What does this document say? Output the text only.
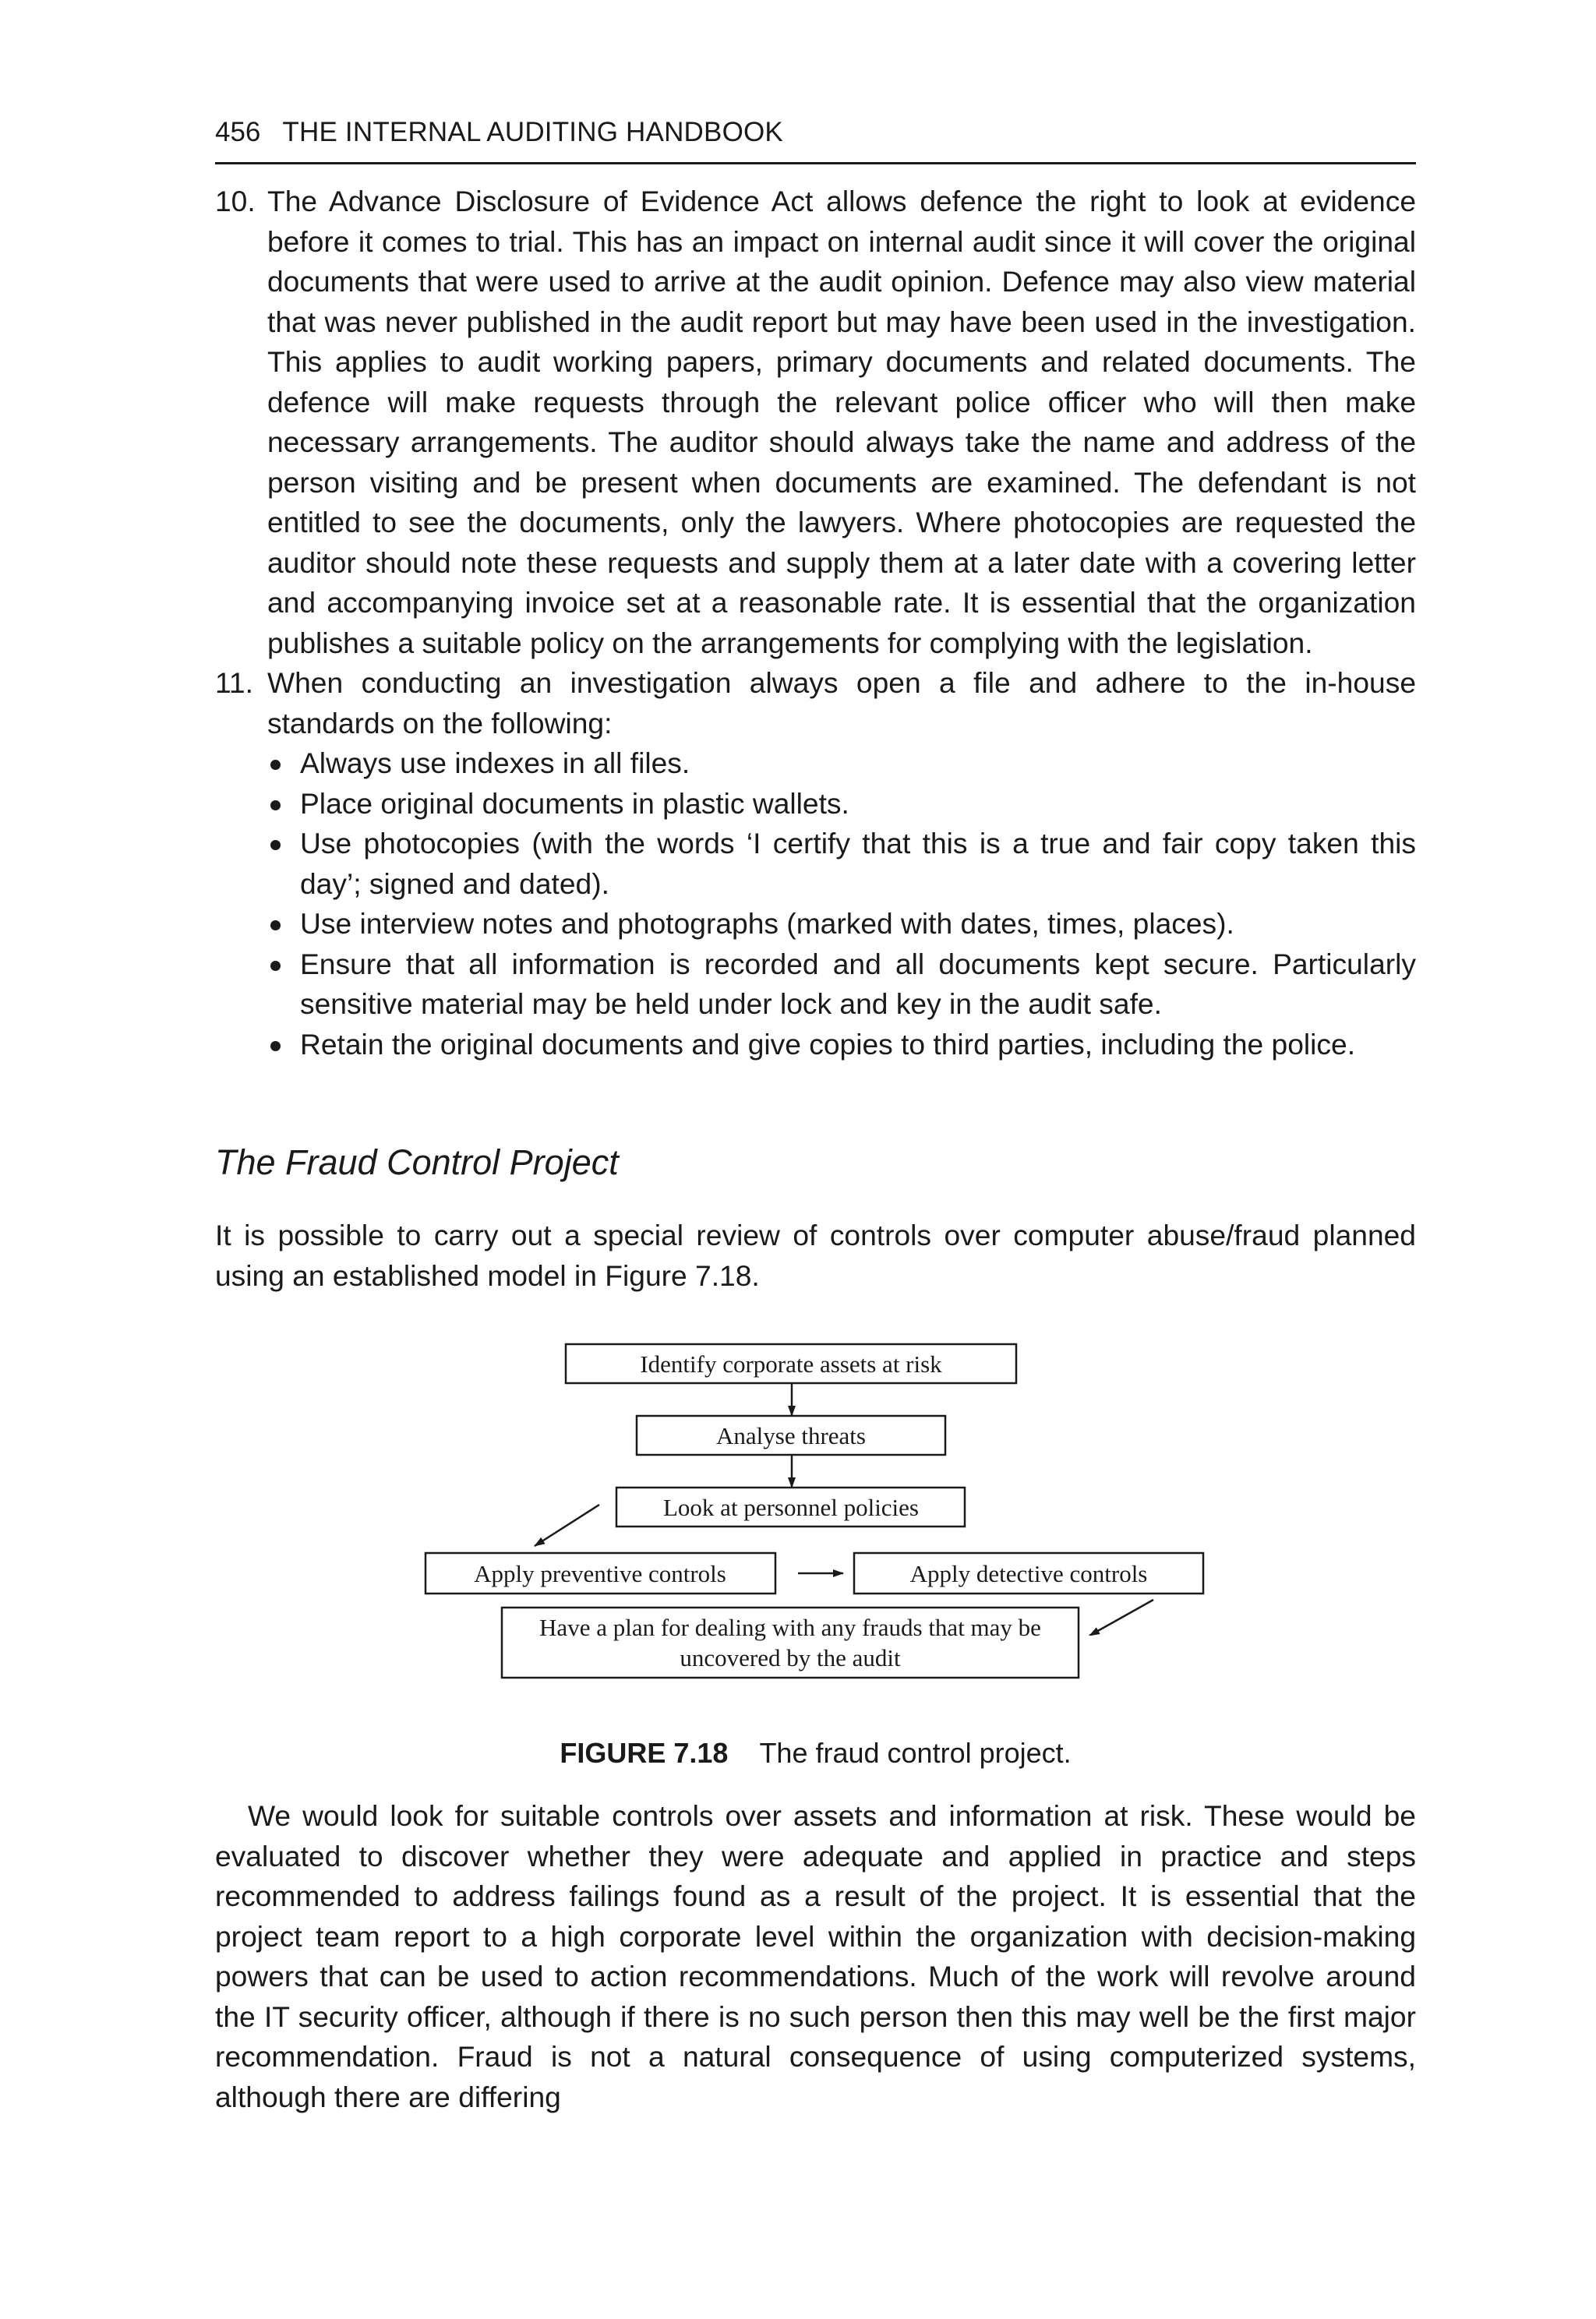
456 THE INTERNAL AUDITING HANDBOOK
10. The Advance Disclosure of Evidence Act allows defence the right to look at evidence before it comes to trial. This has an impact on internal audit since it will cover the original documents that were used to arrive at the audit opinion. Defence may also view material that was never published in the audit report but may have been used in the investigation. This applies to audit working papers, primary documents and related documents. The defence will make requests through the relevant police officer who will then make necessary arrangements. The auditor should always take the name and address of the person visiting and be present when documents are examined. The defendant is not entitled to see the documents, only the lawyers. Where photocopies are requested the auditor should note these requests and supply them at a later date with a covering letter and accompanying invoice set at a reasonable rate. It is essential that the organization publishes a suitable policy on the arrangements for complying with the legislation.

11. When conducting an investigation always open a file and adhere to the in-house standards on the following:

Always use indexes in all files.
Place original documents in plastic wallets.
Use photocopies (with the words ‘I certify that this is a true and fair copy taken this day’; signed and dated).
Use interview notes and photographs (marked with dates, times, places).
Ensure that all information is recorded and all documents kept secure. Particularly sensitive material may be held under lock and key in the audit safe.
Retain the original documents and give copies to third parties, including the police.
The Fraud Control Project

It is possible to carry out a special review of controls over computer abuse/fraud planned using an established model in Figure 7.18.

Identify corporate assets at risk
Analyse threats
Look at personnel policies
Apply preventive controls	Apply detective controls
Have a plan for dealing with any frauds that may be
uncovered by the audit
FIGURE 7.18 The fraud control project.

We would look for suitable controls over assets and information at risk. These would be evaluated to discover whether they were adequate and applied in practice and steps recommended to address failings found as a result of the project. It is essential that the project team report to a high corporate level within the organization with decision-making powers that can be used to action recommendations. Much of the work will revolve around the IT security officer, although if there is no such person then this may well be the first major recommendation. Fraud is not a natural consequence of using computerized systems, although there are differing
